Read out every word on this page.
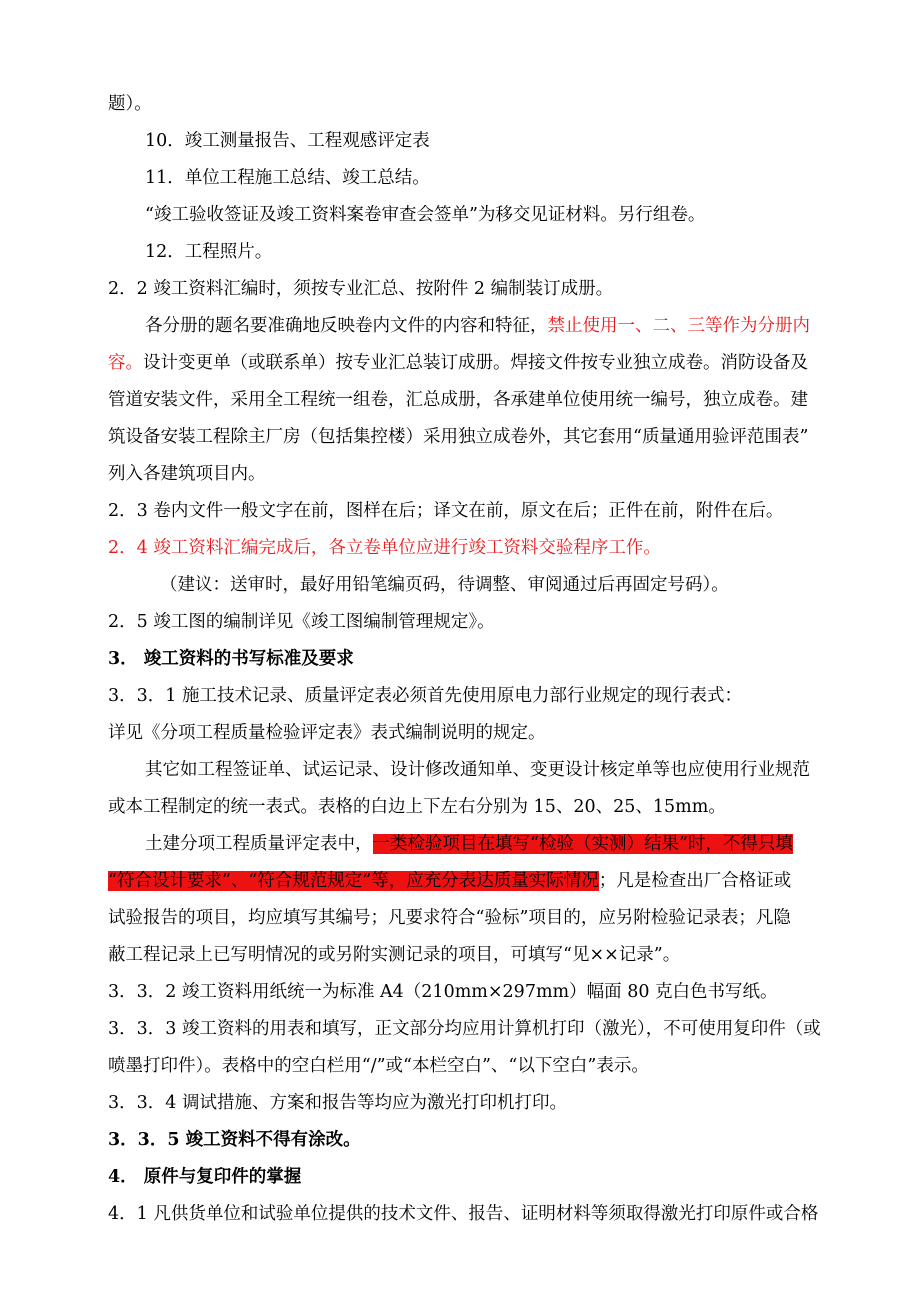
题）。
10．竣工测量报告、工程观感评定表
11．单位工程施工总结、竣工总结。
“竣工验收签证及竣工资料案卷审查会签单”为移交见证材料。另行组卷。
12．工程照片。
2．2 竣工资料汇编时，须按专业汇总、按附件 2 编制装订成册。
各分册的题名要准确地反映卷内文件的内容和特征，禁止使用一、二、三等作为分册内
容。设计变更单（或联系单）按专业汇总装订成册。焊接文件按专业独立成卷。消防设备及
管道安装文件，采用全工程统一组卷，汇总成册，各承建单位使用统一编号，独立成卷。建
筑设备安装工程除主厂房（包括集控楼）采用独立成卷外，其它套用“质量通用验评范围表”
列入各建筑项目内。
2．3 卷内文件一般文字在前，图样在后；译文在前，原文在后；正件在前，附件在后。
2．4 竣工资料汇编完成后，各立卷单位应进行竣工资料交验程序工作。
（建议：送审时，最好用铅笔编页码，待调整、审阅通过后再固定号码）。
2．5 竣工图的编制详见《竣工图编制管理规定》。
3． 竣工资料的书写标准及要求
3．3．1 施工技术记录、质量评定表必须首先使用原电力部行业规定的现行表式：
详见《分项工程质量检验评定表》表式编制说明的规定。
其它如工程签证单、试运记录、设计修改通知单、变更设计核定单等也应使用行业规范
或本工程制定的统一表式。表格的白边上下左右分别为 15、20、25、15mm。
土建分项工程质量评定表中，一类检验项目在填写“检验（实测）结果”时，不得只填
“符合设计要求”、“符合规范规定”等，应充分表达质量实际情况；凡是检查出厂合格证或
试验报告的项目，均应填写其编号；凡要求符合“验标”项目的，应另附检验记录表；凡隐
蔽工程记录上已写明情况的或另附实测记录的项目，可填写“见××记录”。
3．3．2 竣工资料用纸统一为标准 A4（210mm×297mm）幅面 80 克白色书写纸。
3．3．3 竣工资料的用表和填写，正文部分均应用计算机打印（激光），不可使用复印件（或
喷墨打印件）。表格中的空白栏用“/”或“本栏空白”、“以下空白”表示。
3．3．4 调试措施、方案和报告等均应为激光打印机打印。
3．3．5 竣工资料不得有涂改。
4． 原件与复印件的掌握
4．1 凡供货单位和试验单位提供的技术文件、报告、证明材料等须取得激光打印原件或合格
